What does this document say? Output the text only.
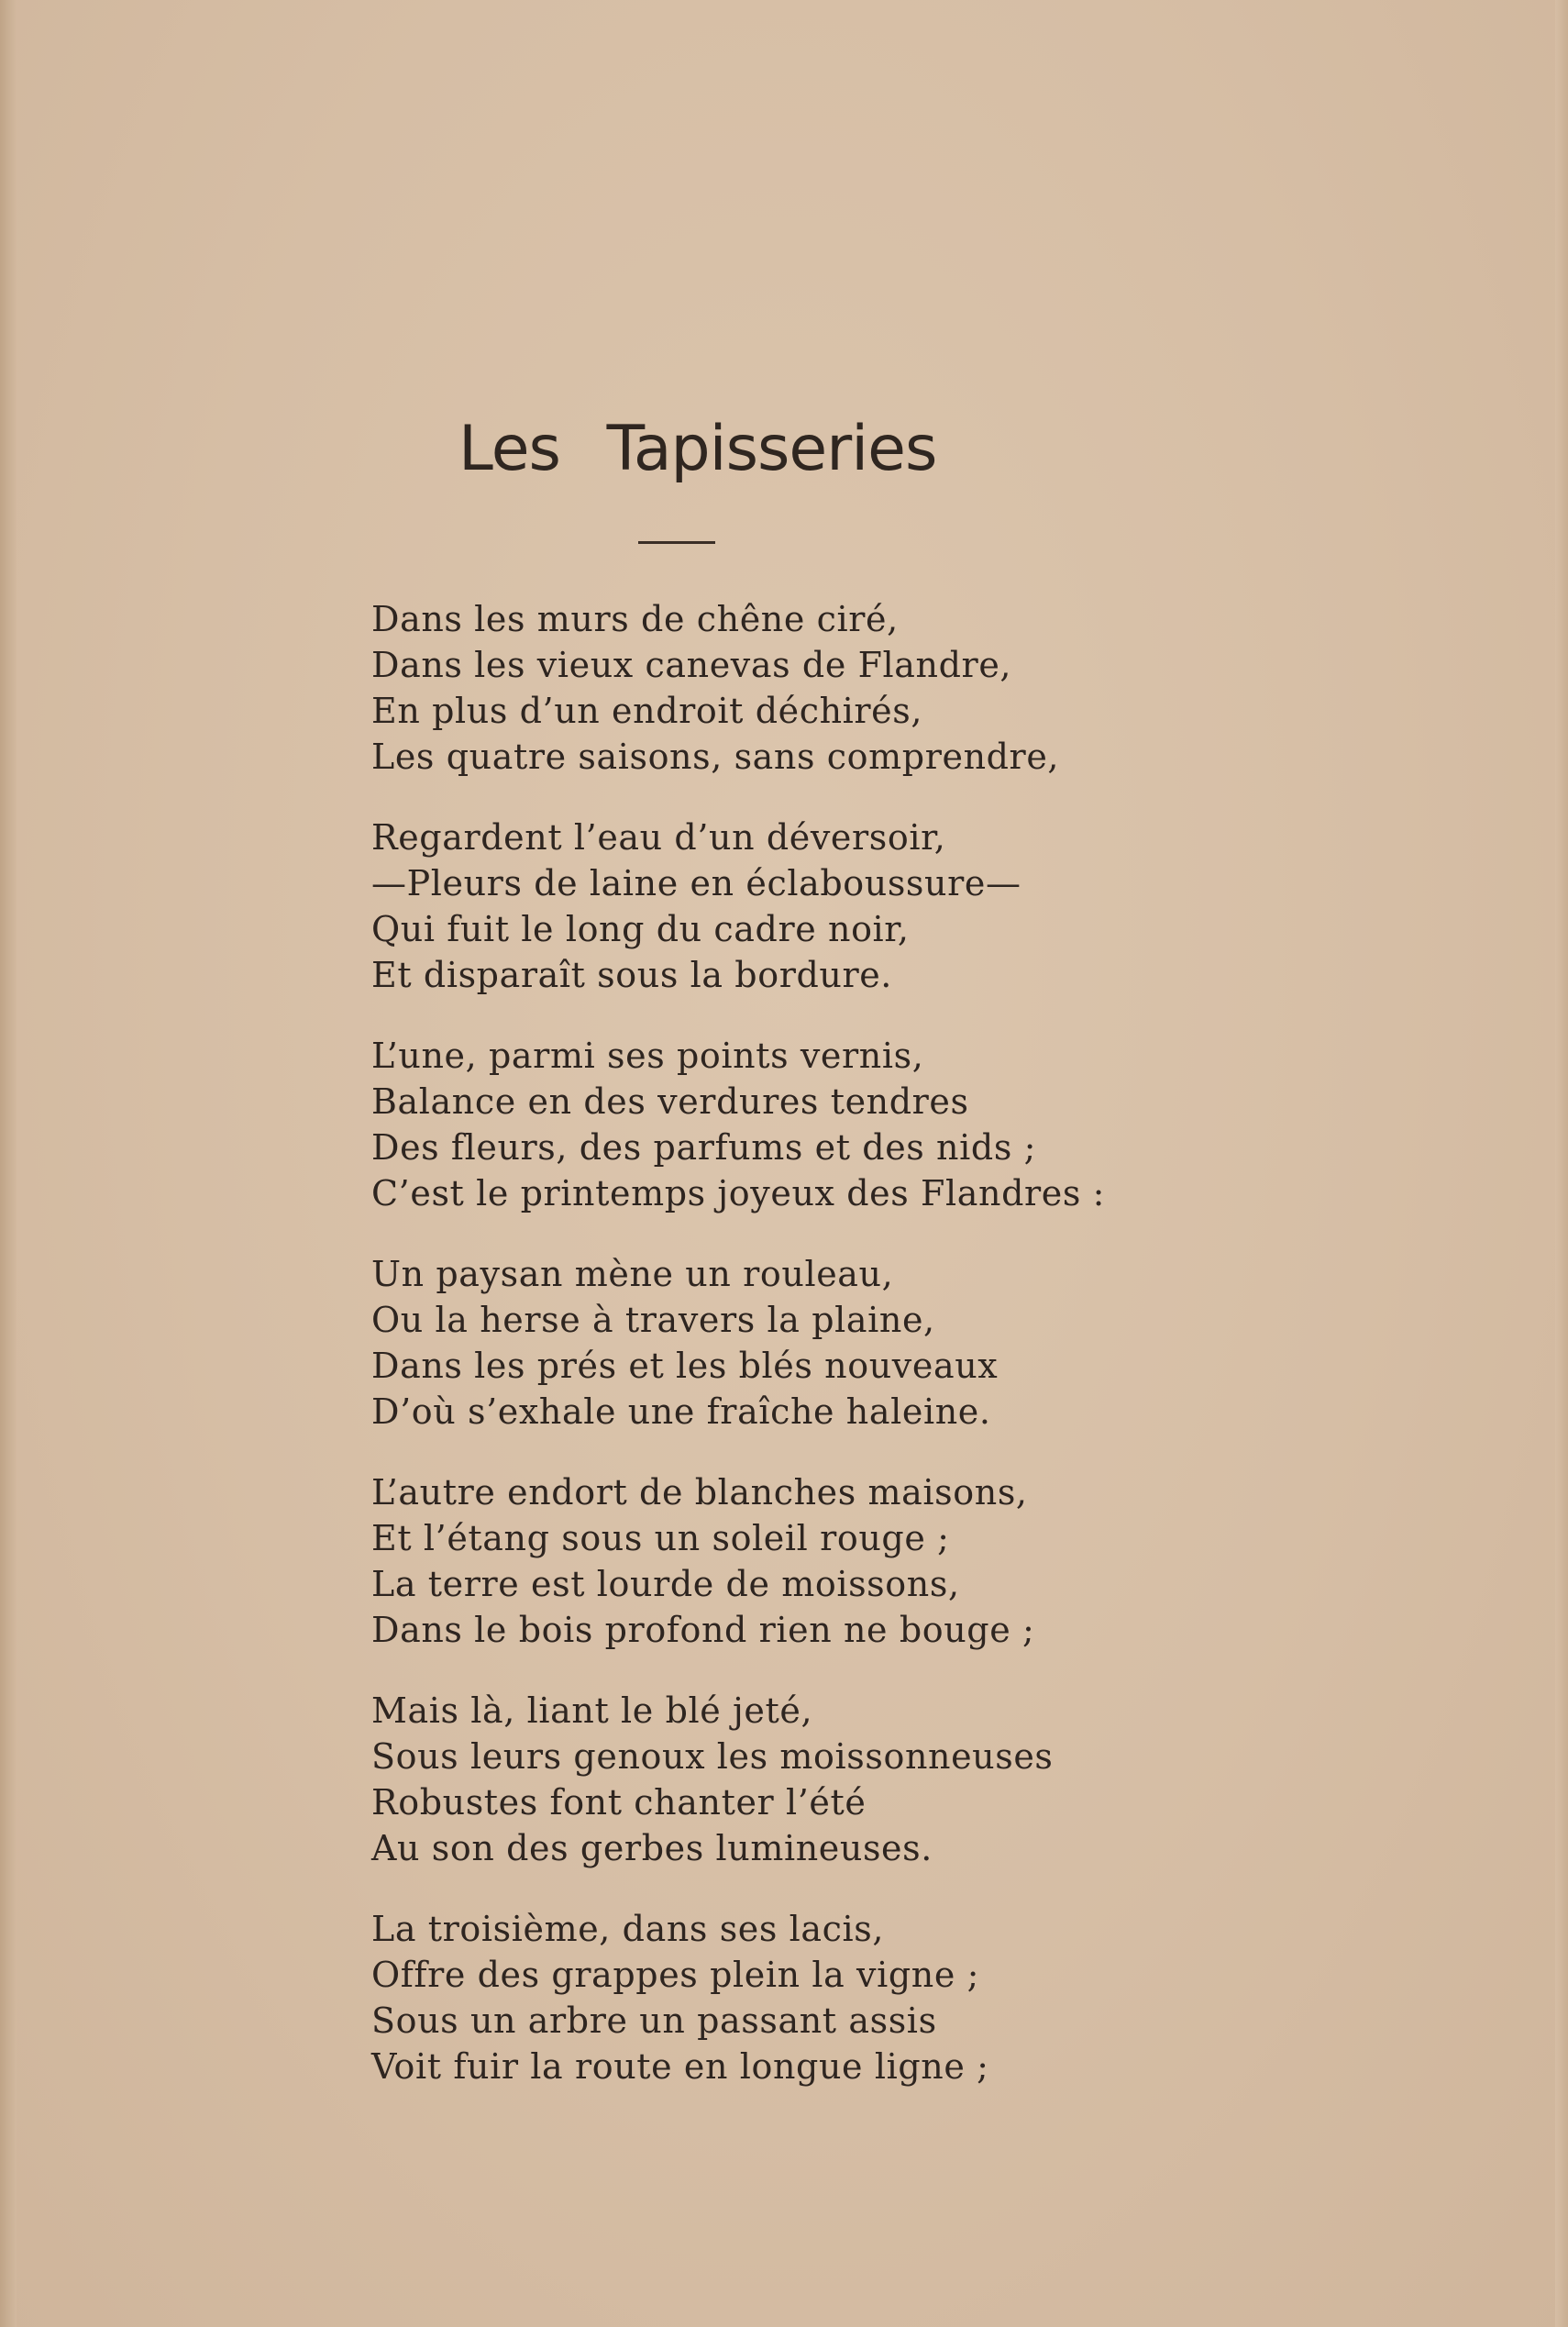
Les Tapisseries
Dans les murs de chêne ciré,
Dans les vieux canevas de Flandre,
En plus d’un endroit déchirés,
Les quatre saisons, sans comprendre,
Regardent l’eau d’un déversoir,
—Pleurs de laine en éclaboussure—
Qui fuit le long du cadre noir,
Et disparaît sous la bordure.
L’une, parmi ses points vernis,
Balance en des verdures tendres
Des fleurs, des parfums et des nids ;
C’est le printemps joyeux des Flandres :
Un paysan mène un rouleau,
Ou la herse à travers la plaine,
Dans les prés et les blés nouveaux
D’où s’exhale une fraîche haleine.
L’autre endort de blanches maisons,
Et l’étang sous un soleil rouge ;
La terre est lourde de moissons,
Dans le bois profond rien ne bouge ;
Mais là, liant le blé jeté,
Sous leurs genoux les moissonneuses
Robustes font chanter l’été
Au son des gerbes lumineuses.
La troisième, dans ses lacis,
Offre des grappes plein la vigne ;
Sous un arbre un passant assis
Voit fuir la route en longue ligne ;
